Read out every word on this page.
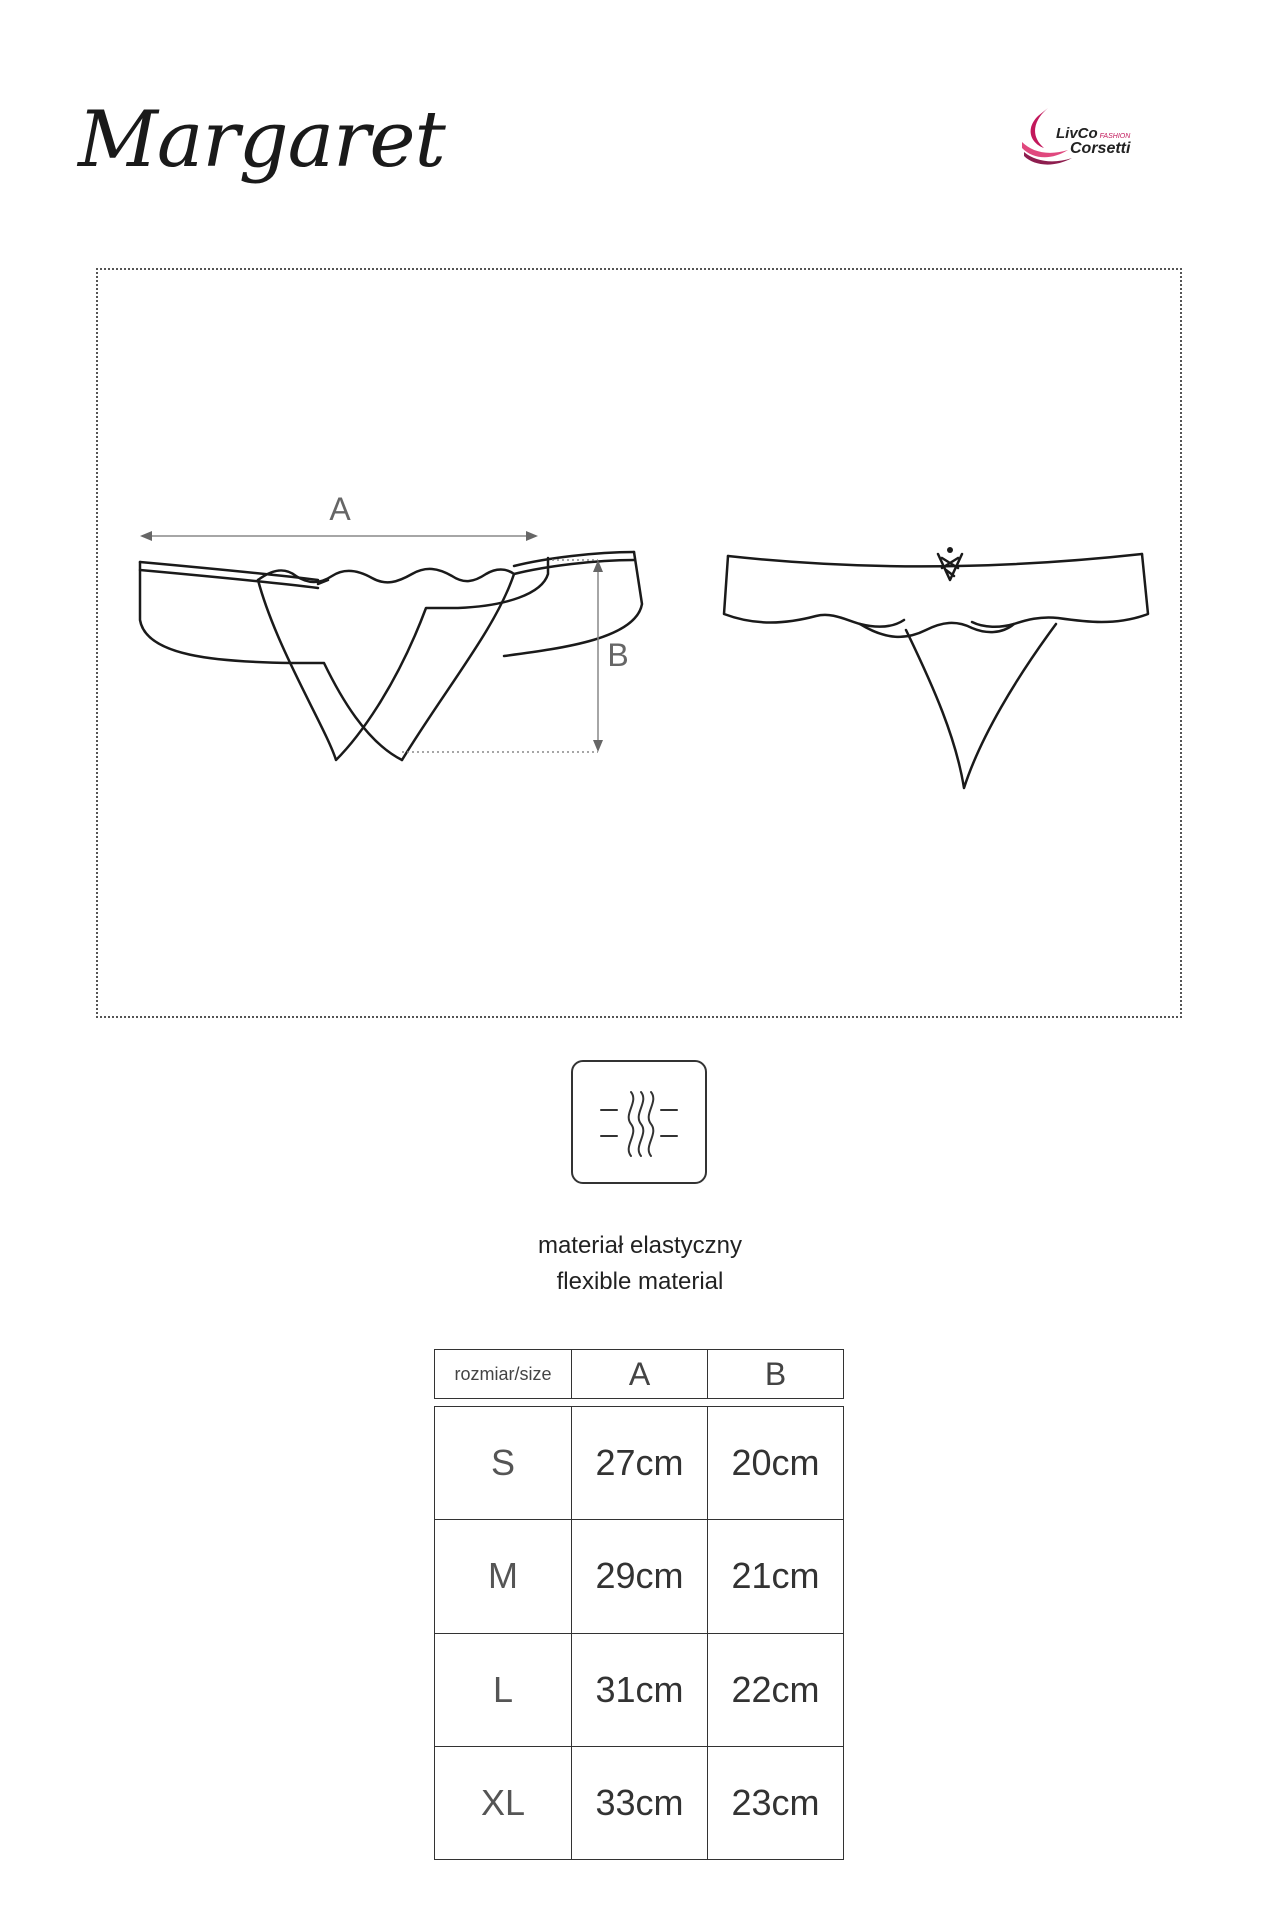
Margaret	LivCo FASHION
Corsetti
A
B
materiał elastyczny
flexible material
rozmiar/size	A	B
S	27cm	20cm
M	29cm	21cm
L	31cm	22cm
XL	33cm	23cm
